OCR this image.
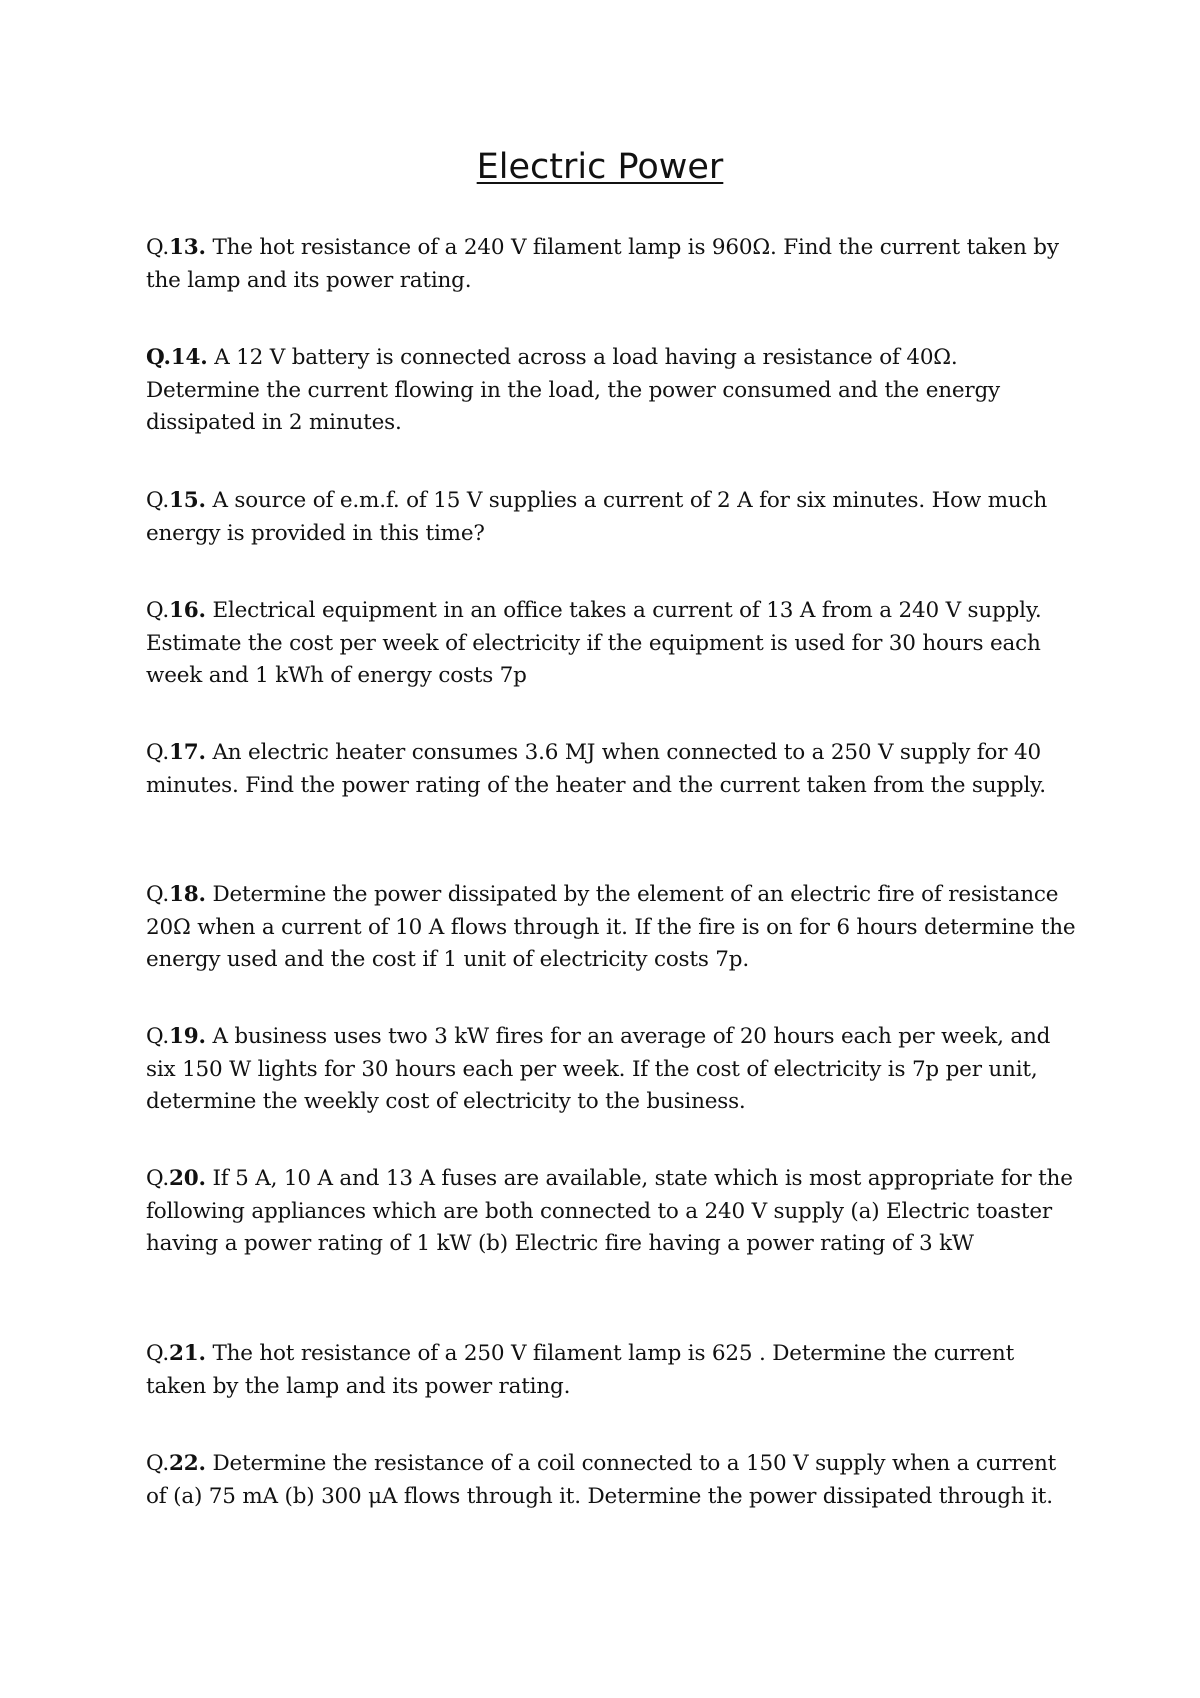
Electric Power

Q.13. The hot resistance of a 240 V filament lamp is 960Ω. Find the current taken by the lamp and its power rating.

Q.14. A 12 V battery is connected across a load having a resistance of 40Ω. Determine the current flowing in the load, the power consumed and the energy dissipated in 2 minutes.

Q.15. A source of e.m.f. of 15 V supplies a current of 2 A for six minutes. How much energy is provided in this time?

Q.16. Electrical equipment in an office takes a current of 13 A from a 240 V supply. Estimate the cost per week of electricity if the equipment is used for 30 hours each week and 1 kWh of energy costs 7p

Q.17. An electric heater consumes 3.6 MJ when connected to a 250 V supply for 40 minutes. Find the power rating of the heater and the current taken from the supply.

Q.18. Determine the power dissipated by the element of an electric fire of resistance 20Ω when a current of 10 A flows through it. If the fire is on for 6 hours determine the energy used and the cost if 1 unit of electricity costs 7p.

Q.19. A business uses two 3 kW fires for an average of 20 hours each per week, and six 150 W lights for 30 hours each per week. If the cost of electricity is 7p per unit, determine the weekly cost of electricity to the business.

Q.20. If 5 A, 10 A and 13 A fuses are available, state which is most appropriate for the following appliances which are both connected to a 240 V supply (a) Electric toaster having a power rating of 1 kW (b) Electric fire having a power rating of 3 kW

Q.21. The hot resistance of a 250 V filament lamp is 625 . Determine the current taken by the lamp and its power rating.

Q.22. Determine the resistance of a coil connected to a 150 V supply when a current of (a) 75 mA (b) 300 μA flows through it. Determine the power dissipated through it.
